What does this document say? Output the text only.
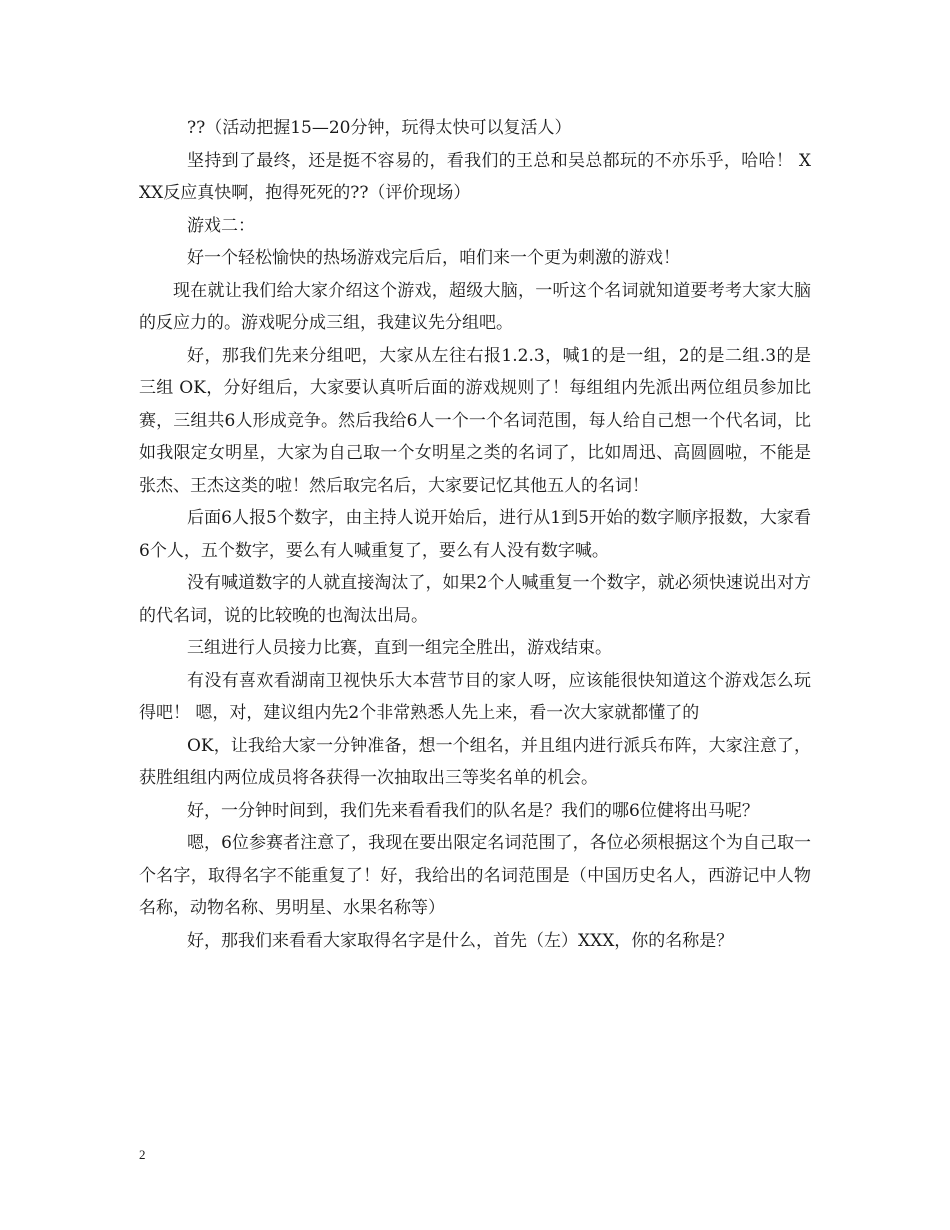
??（活动把握15—20分钟，玩得太快可以复活人）

坚持到了最终，还是挺不容易的，看我们的王总和吴总都玩的不亦乐乎，哈哈！ XXX反应真快啊，抱得死死的??（评价现场）

游戏二：

好一个轻松愉快的热场游戏完后后，咱们来一个更为刺激的游戏！

现在就让我们给大家介绍这个游戏，超级大脑，一听这个名词就知道要考考大家大脑的反应力的。游戏呢分成三组，我建议先分组吧。

好，那我们先来分组吧，大家从左往右报1.2.3，喊1的是一组，2的是二组.3的是三组 OK，分好组后，大家要认真听后面的游戏规则了！每组组内先派出两位组员参加比赛，三组共6人形成竞争。然后我给6人一个一个名词范围，每人给自己想一个代名词，比如我限定女明星，大家为自己取一个女明星之类的名词了，比如周迅、高圆圆啦，不能是张杰、王杰这类的啦！然后取完名后，大家要记忆其他五人的名词！

后面6人报5个数字，由主持人说开始后，进行从1到5开始的数字顺序报数，大家看6个人，五个数字，要么有人喊重复了，要么有人没有数字喊。

没有喊道数字的人就直接淘汰了，如果2个人喊重复一个数字，就必须快速说出对方的代名词，说的比较晚的也淘汰出局。

三组进行人员接力比赛，直到一组完全胜出，游戏结束。

有没有喜欢看湖南卫视快乐大本营节目的家人呀，应该能很快知道这个游戏怎么玩得吧！ 嗯，对，建议组内先2个非常熟悉人先上来，看一次大家就都懂了的

OK，让我给大家一分钟准备，想一个组名，并且组内进行派兵布阵，大家注意了，获胜组组内两位成员将各获得一次抽取出三等奖名单的机会。

好，一分钟时间到，我们先来看看我们的队名是？我们的哪6位健将出马呢？

嗯，6位参赛者注意了，我现在要出限定名词范围了，各位必须根据这个为自己取一个名字，取得名字不能重复了！好，我给出的名词范围是（中国历史名人，西游记中人物名称，动物名称、男明星、水果名称等）

好，那我们来看看大家取得名字是什么，首先（左）XXX，你的名称是？

2
